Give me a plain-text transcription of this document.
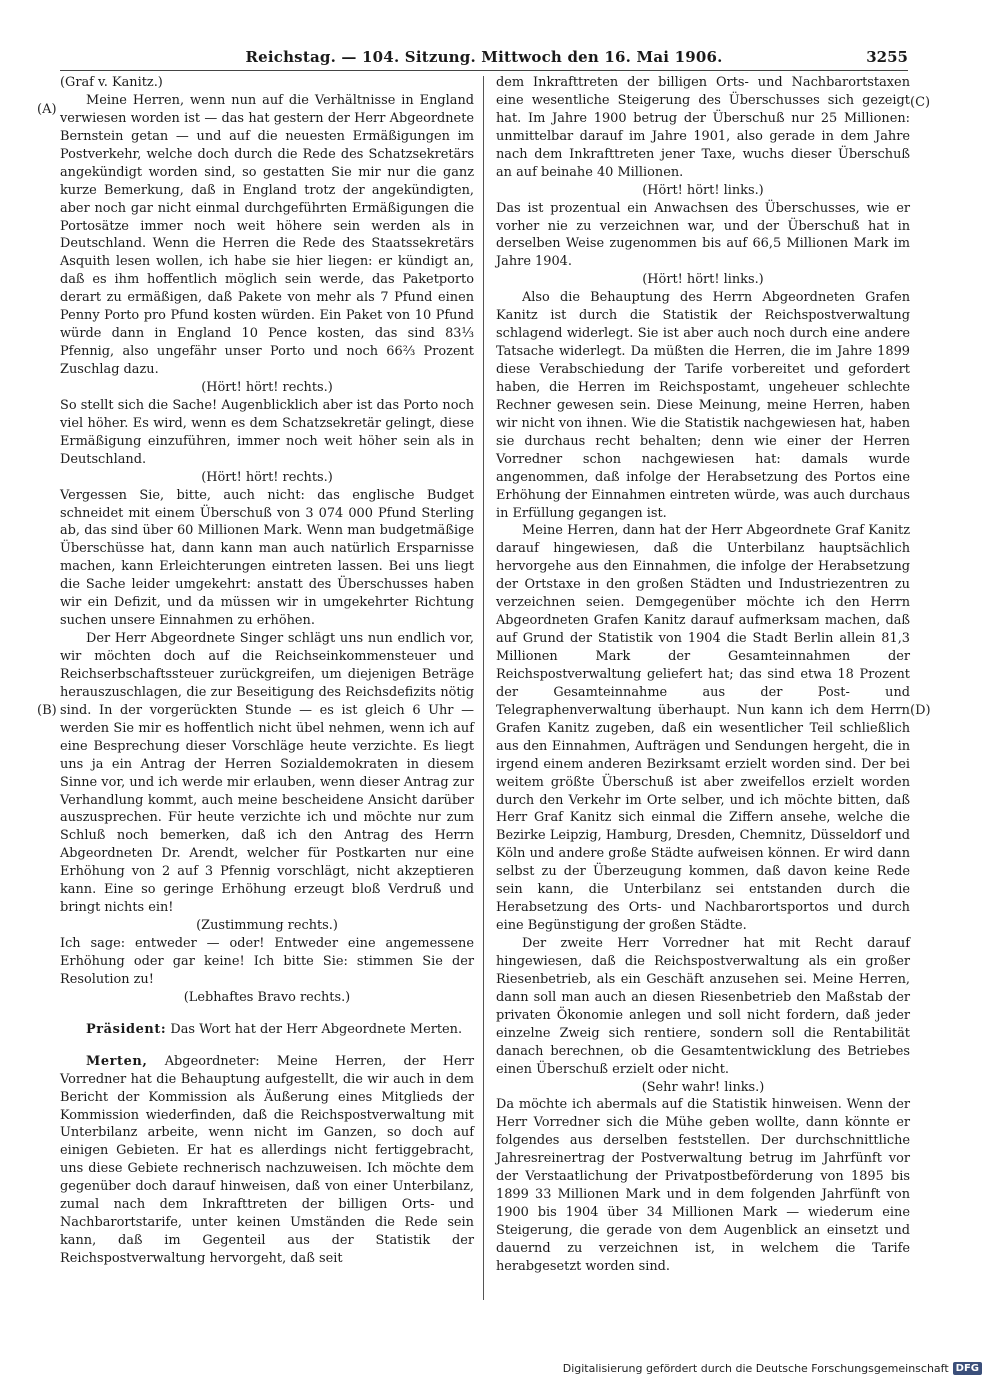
Reichstag. — 104. Sitzung. Mittwoch den 16. Mai 1906.	3255
(A)
(B)
(C)
(D)

(Graf v. Kanitz.)

Meine Herren, wenn nun auf die Verhältnisse in England verwiesen worden ist — das hat gestern der Herr Abgeordnete Bernstein getan — und auf die neuesten Ermäßigungen im Postverkehr, welche doch durch die Rede des Schatzsekretärs angekündigt worden sind, so gestatten Sie mir nur die ganz kurze Bemerkung, daß in England trotz der angekündigten, aber noch gar nicht einmal durchgeführten Ermäßigungen die Portosätze immer noch weit höhere sein werden als in Deutschland. Wenn die Herren die Rede des Staatssekretärs Asquith lesen wollen, ich habe sie hier liegen: er kündigt an, daß es ihm hoffentlich möglich sein werde, das Paketporto derart zu ermäßigen, daß Pakete von mehr als 7 Pfund einen Penny Porto pro Pfund kosten würden. Ein Paket von 10 Pfund würde dann in England 10 Pence kosten, das sind 83⅓ Pfennig, also ungefähr unser Porto und noch 66⅔ Prozent Zuschlag dazu.

(Hört! hört! rechts.)

So stellt sich die Sache! Augenblicklich aber ist das Porto noch viel höher. Es wird, wenn es dem Schatzsekretär gelingt, diese Ermäßigung einzuführen, immer noch weit höher sein als in Deutschland.

(Hört! hört! rechts.)

Vergessen Sie, bitte, auch nicht: das englische Budget schneidet mit einem Überschuß von 3 074 000 Pfund Sterling ab, das sind über 60 Millionen Mark. Wenn man budgetmäßige Überschüsse hat, dann kann man auch natürlich Ersparnisse machen, kann Erleichterungen eintreten lassen. Bei uns liegt die Sache leider umgekehrt: anstatt des Überschusses haben wir ein Defizit, und da müssen wir in umgekehrter Richtung suchen unsere Einnahmen zu erhöhen.

Der Herr Abgeordnete Singer schlägt uns nun endlich vor, wir möchten doch auf die Reichseinkommensteuer und Reichserbschaftssteuer zurückgreifen, um diejenigen Beträge herauszuschlagen, die zur Beseitigung des Reichsdefizits nötig sind. In der vorgerückten Stunde — es ist gleich 6 Uhr — werden Sie mir es hoffentlich nicht übel nehmen, wenn ich auf eine Besprechung dieser Vorschläge heute verzichte. Es liegt uns ja ein Antrag der Herren Sozialdemokraten in diesem Sinne vor, und ich werde mir erlauben, wenn dieser Antrag zur Verhandlung kommt, auch meine bescheidene Ansicht darüber auszusprechen. Für heute verzichte ich und möchte nur zum Schluß noch bemerken, daß ich den Antrag des Herrn Abgeordneten Dr. Arendt, welcher für Postkarten nur eine Erhöhung von 2 auf 3 Pfennig vorschlägt, nicht akzeptieren kann. Eine so geringe Erhöhung erzeugt bloß Verdruß und bringt nichts ein!

(Zustimmung rechts.)

Ich sage: entweder — oder! Entweder eine angemessene Erhöhung oder gar keine! Ich bitte Sie: stimmen Sie der Resolution zu!

(Lebhaftes Bravo rechts.)

Präsident: Das Wort hat der Herr Abgeordnete Merten.

Merten, Abgeordneter: Meine Herren, der Herr Vorredner hat die Behauptung aufgestellt, die wir auch in dem Bericht der Kommission als Äußerung eines Mitglieds der Kommission wiederfinden, daß die Reichspostverwaltung mit Unterbilanz arbeite, wenn nicht im Ganzen, so doch auf einigen Gebieten. Er hat es allerdings nicht fertiggebracht, uns diese Gebiete rechnerisch nachzuweisen. Ich möchte dem gegenüber doch darauf hinweisen, daß von einer Unterbilanz, zumal nach dem Inkrafttreten der billigen Orts- und Nachbarortstarife, unter keinen Umständen die Rede sein kann, daß im Gegenteil aus der Statistik der Reichspostverwaltung hervorgeht, daß seit

dem Inkrafttreten der billigen Orts- und Nachbarortstaxen eine wesentliche Steigerung des Überschusses sich gezeigt hat. Im Jahre 1900 betrug der Überschuß nur 25 Millionen: unmittelbar darauf im Jahre 1901, also gerade in dem Jahre nach dem Inkrafttreten jener Taxe, wuchs dieser Überschuß an auf beinahe 40 Millionen.

(Hört! hört! links.)

Das ist prozentual ein Anwachsen des Überschusses, wie er vorher nie zu verzeichnen war, und der Überschuß hat in derselben Weise zugenommen bis auf 66,5 Millionen Mark im Jahre 1904.

(Hört! hört! links.)

Also die Behauptung des Herrn Abgeordneten Grafen Kanitz ist durch die Statistik der Reichspostverwaltung schlagend widerlegt. Sie ist aber auch noch durch eine andere Tatsache widerlegt. Da müßten die Herren, die im Jahre 1899 diese Verabschiedung der Tarife vorbereitet und gefordert haben, die Herren im Reichspostamt, ungeheuer schlechte Rechner gewesen sein. Diese Meinung, meine Herren, haben wir nicht von ihnen. Wie die Statistik nachgewiesen hat, haben sie durchaus recht behalten; denn wie einer der Herren Vorredner schon nachgewiesen hat: damals wurde angenommen, daß infolge der Herabsetzung des Portos eine Erhöhung der Einnahmen eintreten würde, was auch durchaus in Erfüllung gegangen ist.

Meine Herren, dann hat der Herr Abgeordnete Graf Kanitz darauf hingewiesen, daß die Unterbilanz hauptsächlich hervorgehe aus den Einnahmen, die infolge der Herabsetzung der Ortstaxe in den großen Städten und Industriezentren zu verzeichnen seien. Demgegenüber möchte ich den Herrn Abgeordneten Grafen Kanitz darauf aufmerksam machen, daß auf Grund der Statistik von 1904 die Stadt Berlin allein 81,3 Millionen Mark der Gesamteinnahmen der Reichspostverwaltung geliefert hat; das sind etwa 18 Prozent der Gesamteinnahme aus der Post- und Telegraphenverwaltung überhaupt. Nun kann ich dem Herrn Grafen Kanitz zugeben, daß ein wesentlicher Teil schließlich aus den Einnahmen, Aufträgen und Sendungen hergeht, die in irgend einem anderen Bezirksamt erzielt worden sind. Der bei weitem größte Überschuß ist aber zweifellos erzielt worden durch den Verkehr im Orte selber, und ich möchte bitten, daß Herr Graf Kanitz sich einmal die Ziffern ansehe, welche die Bezirke Leipzig, Hamburg, Dresden, Chemnitz, Düsseldorf und Köln und andere große Städte aufweisen können. Er wird dann selbst zu der Überzeugung kommen, daß davon keine Rede sein kann, die Unterbilanz sei entstanden durch die Herabsetzung des Orts- und Nachbarortsportos und durch eine Begünstigung der großen Städte.

Der zweite Herr Vorredner hat mit Recht darauf hingewiesen, daß die Reichspostverwaltung als ein großer Riesenbetrieb, als ein Geschäft anzusehen sei. Meine Herren, dann soll man auch an diesen Riesenbetrieb den Maßstab der privaten Ökonomie anlegen und soll nicht fordern, daß jeder einzelne Zweig sich rentiere, sondern soll die Rentabilität danach berechnen, ob die Gesamtentwicklung des Betriebes einen Überschuß erzielt oder nicht.

(Sehr wahr! links.)

Da möchte ich abermals auf die Statistik hinweisen. Wenn der Herr Vorredner sich die Mühe geben wollte, dann könnte er folgendes aus derselben feststellen. Der durchschnittliche Jahresreinertrag der Postverwaltung betrug im Jahrfünft vor der Verstaatlichung der Privatpostbeförderung von 1895 bis 1899 33 Millionen Mark und in dem folgenden Jahrfünft von 1900 bis 1904 über 34 Millionen Mark — wiederum eine Steigerung, die gerade von dem Augenblick an einsetzt und dauernd zu verzeichnen ist, in welchem die Tarife herabgesetzt worden sind.

Digitalisierung gefördert durch die Deutsche Forschungsgemeinschaft DFG
